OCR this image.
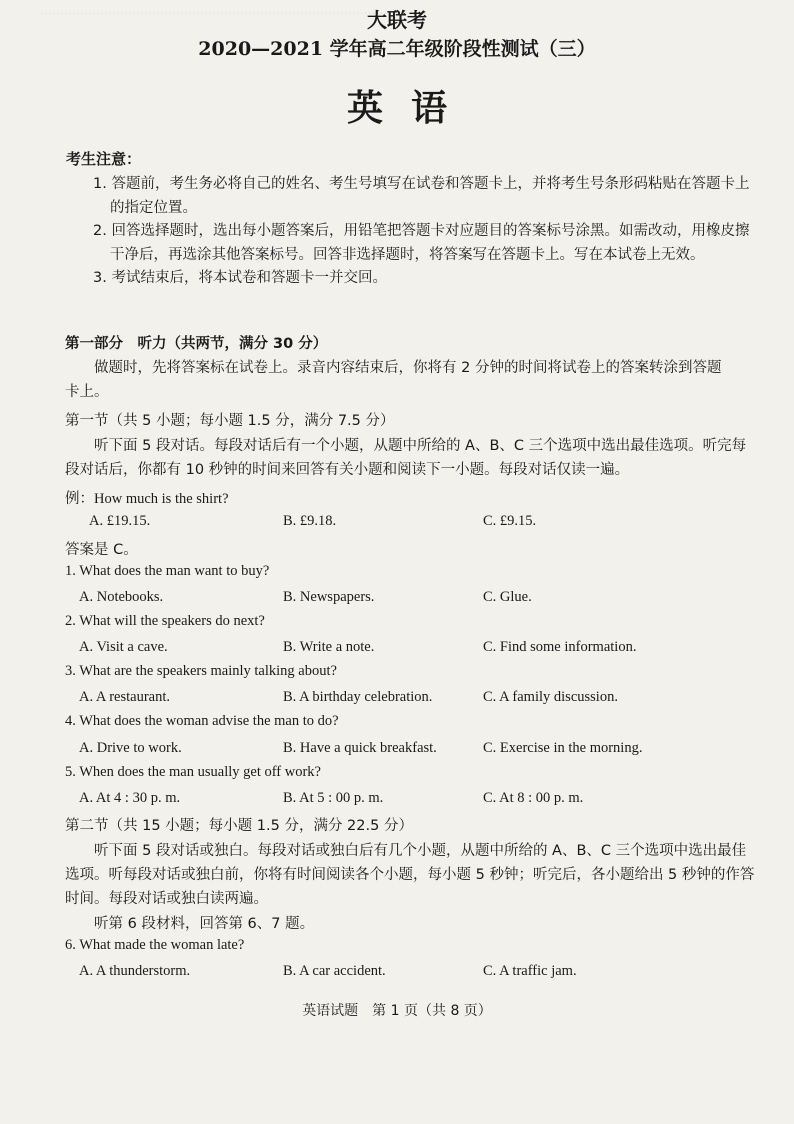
··························································································
大联考
2020—2021 学年高二年级阶段性测试（三）
英语
考生注意：
1. 答题前，考生务必将自己的姓名、考生号填写在试卷和答题卡上，并将考生号条形码粘贴在答题卡上
的指定位置。
2. 回答选择题时，选出每小题答案后，用铅笔把答题卡对应题目的答案标号涂黑。如需改动，用橡皮擦
干净后，再选涂其他答案标号。回答非选择题时，将答案写在答题卡上。写在本试卷上无效。
3. 考试结束后，将本试卷和答题卡一并交回。
第一部分　听力（共两节，满分 30 分）
做题时，先将答案标在试卷上。录音内容结束后，你将有 2 分钟的时间将试卷上的答案转涂到答题
卡上。
第一节（共 5 小题；每小题 1.5 分，满分 7.5 分）
听下面 5 段对话。每段对话后有一个小题，从题中所给的 A、B、C 三个选项中选出最佳选项。听完每
段对话后，你都有 10 秒钟的时间来回答有关小题和阅读下一小题。每段对话仅读一遍。
例：How much is the shirt?
A. £19.15.	B. £9.18.	C. £9.15.
答案是 C。
1. What does the man want to buy?
A. Notebooks.	B. Newspapers.	C. Glue.
2. What will the speakers do next?
A. Visit a cave.	B. Write a note.	C. Find some information.
3. What are the speakers mainly talking about?
A. A restaurant.	B. A birthday celebration.	C. A family discussion.
4. What does the woman advise the man to do?
A. Drive to work.	B. Have a quick breakfast.	C. Exercise in the morning.
5. When does the man usually get off work?
A. At 4 : 30 p. m.	B. At 5 : 00 p. m.	C. At 8 : 00 p. m.
第二节（共 15 小题；每小题 1.5 分，满分 22.5 分）
听下面 5 段对话或独白。每段对话或独白后有几个小题，从题中所给的 A、B、C 三个选项中选出最佳
选项。听每段对话或独白前，你将有时间阅读各个小题，每小题 5 秒钟；听完后，各小题给出 5 秒钟的作答
时间。每段对话或独白读两遍。
听第 6 段材料，回答第 6、7 题。
6. What made the woman late?
A. A thunderstorm.	B. A car accident.	C. A traffic jam.
英语试题　第 1 页（共 8 页）
